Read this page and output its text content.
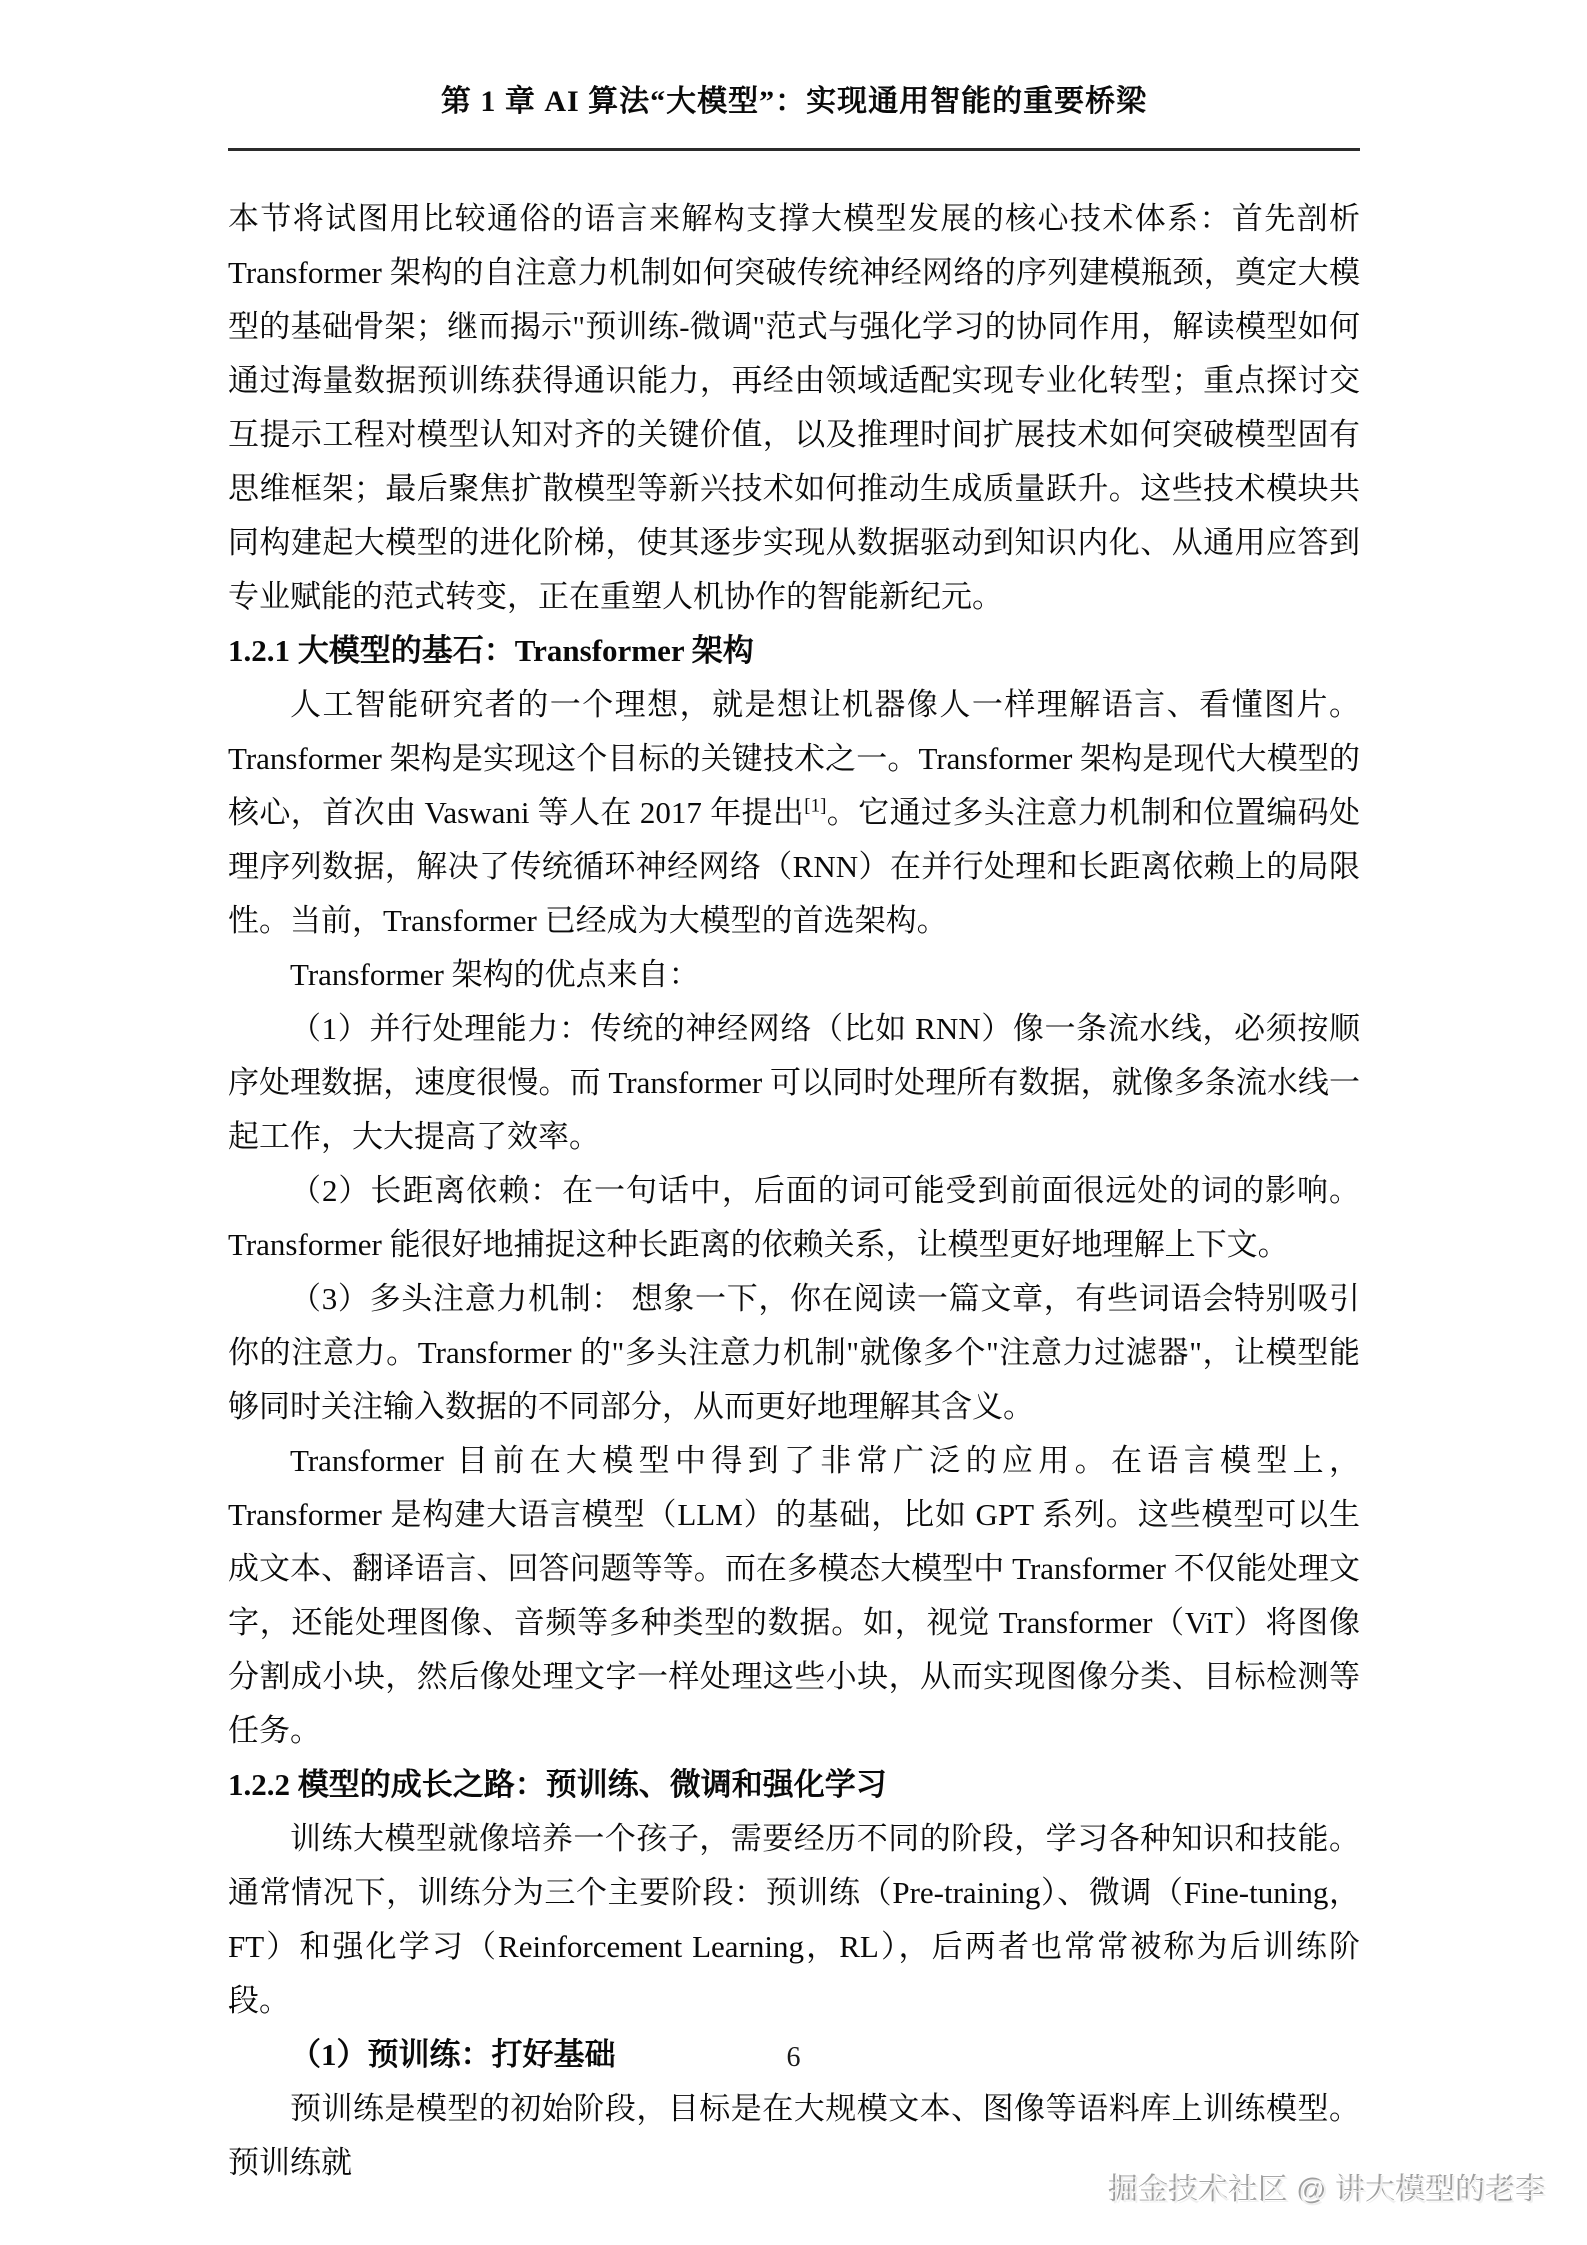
第 1 章 AI 算法“大模型”：实现通用智能的重要桥梁

本节将试图用比较通俗的语言来解构支撑大模型发展的核心技术体系：首先剖析 Transformer 架构的自注意力机制如何突破传统神经网络的序列建模瓶颈，奠定大模型的基础骨架；继而揭示"预训练-微调"范式与强化学习的协同作用，解读模型如何通过海量数据预训练获得通识能力，再经由领域适配实现专业化转型；重点探讨交互提示工程对模型认知对齐的关键价值，以及推理时间扩展技术如何突破模型固有思维框架；最后聚焦扩散模型等新兴技术如何推动生成质量跃升。这些技术模块共同构建起大模型的进化阶梯，使其逐步实现从数据驱动到知识内化、从通用应答到专业赋能的范式转变，正在重塑人机协作的智能新纪元。

1.2.1 大模型的基石：Transformer 架构

人工智能研究者的一个理想，就是想让机器像人一样理解语言、看懂图片。Transformer 架构是实现这个目标的关键技术之一。Transformer 架构是现代大模型的核心，首次由 Vaswani 等人在 2017 年提出[1]。它通过多头注意力机制和位置编码处理序列数据，解决了传统循环神经网络（RNN）在并行处理和长距离依赖上的局限性。当前，Transformer 已经成为大模型的首选架构。

Transformer 架构的优点来自：

（1）并行处理能力：传统的神经网络（比如 RNN）像一条流水线，必须按顺序处理数据，速度很慢。而 Transformer 可以同时处理所有数据，就像多条流水线一起工作，大大提高了效率。

（2）长距离依赖：在一句话中，后面的词可能受到前面很远处的词的影响。Transformer 能很好地捕捉这种长距离的依赖关系，让模型更好地理解上下文。

（3）多头注意力机制： 想象一下，你在阅读一篇文章，有些词语会特别吸引你的注意力。Transformer 的"多头注意力机制"就像多个"注意力过滤器"，让模型能够同时关注输入数据的不同部分，从而更好地理解其含义。

Transformer 目前在大模型中得到了非常广泛的应用。在语言模型上，Transformer 是构建大语言模型（LLM）的基础，比如 GPT 系列。这些模型可以生成文本、翻译语言、回答问题等等。而在多模态大模型中 Transformer 不仅能处理文字，还能处理图像、音频等多种类型的数据。如，视觉 Transformer（ViT）将图像分割成小块，然后像处理文字一样处理这些小块，从而实现图像分类、目标检测等任务。

1.2.2 模型的成长之路：预训练、微调和强化学习

训练大模型就像培养一个孩子，需要经历不同的阶段，学习各种知识和技能。通常情况下，训练分为三个主要阶段：预训练（Pre-training）、微调（Fine-tuning，FT）和强化学习（Reinforcement Learning，RL），后两者也常常被称为后训练阶段。

（1）预训练：打好基础

预训练是模型的初始阶段，目标是在大规模文本、图像等语料库上训练模型。预训练就

6
掘金技术社区 @ 讲大模型的老李
